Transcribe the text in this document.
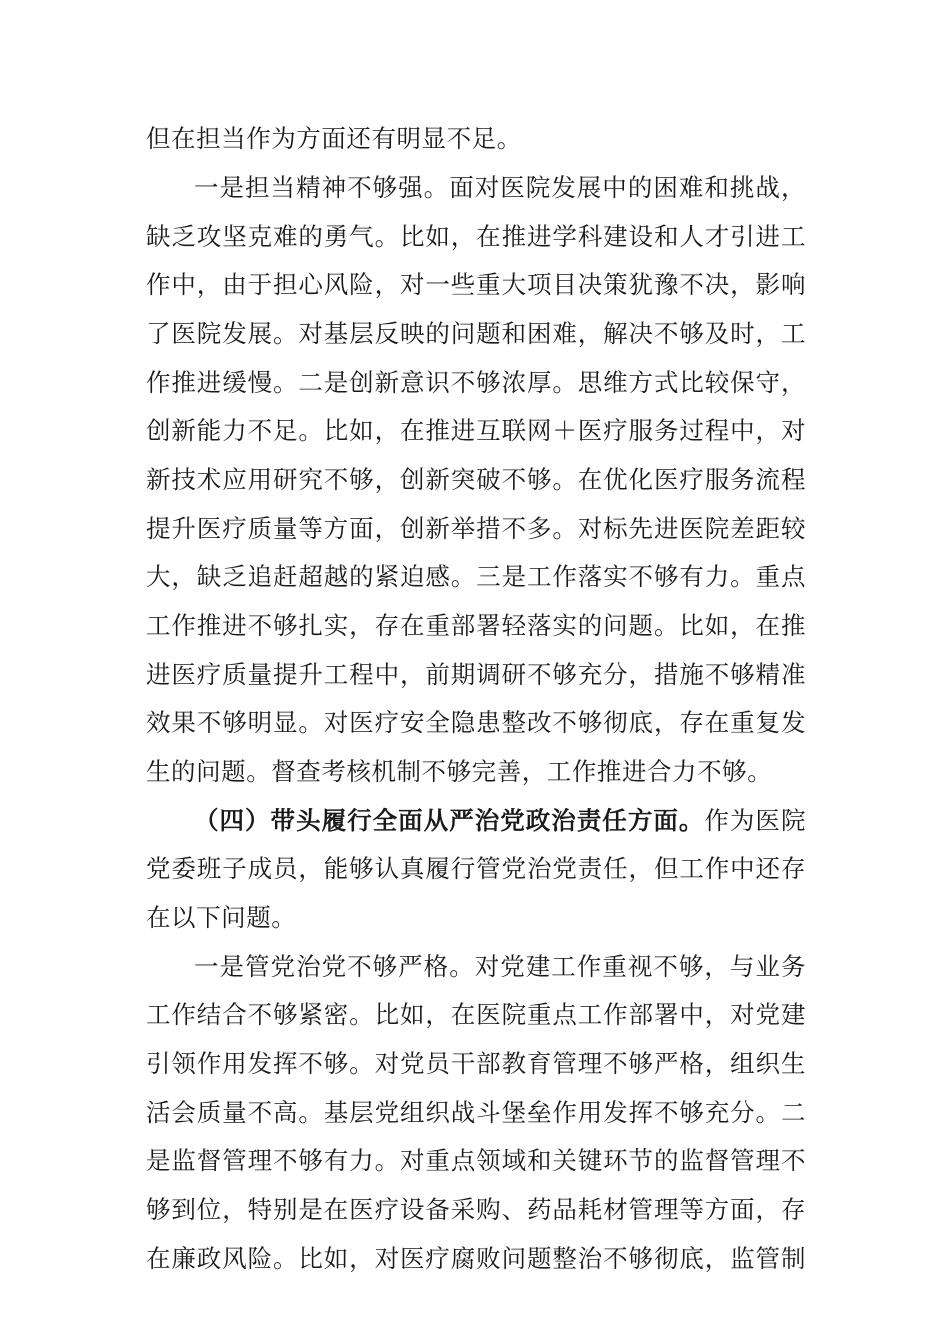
但在担当作为方面还有明显不足。
一是担当精神不够强。面对医院发展中的困难和挑战，
缺乏攻坚克难的勇气。比如，在推进学科建设和人才引进工
作中，由于担心风险，对一些重大项目决策犹豫不决，影响
了医院发展。对基层反映的问题和困难，解决不够及时，工
作推进缓慢。二是创新意识不够浓厚。思维方式比较保守，
创新能力不足。比如，在推进互联网＋医疗服务过程中，对
新技术应用研究不够，创新突破不够。在优化医疗服务流程
提升医疗质量等方面，创新举措不多。对标先进医院差距较
大，缺乏追赶超越的紧迫感。三是工作落实不够有力。重点
工作推进不够扎实，存在重部署轻落实的问题。比如，在推
进医疗质量提升工程中，前期调研不够充分，措施不够精准
效果不够明显。对医疗安全隐患整改不够彻底，存在重复发
生的问题。督查考核机制不够完善，工作推进合力不够。
（四）带头履行全面从严治党政治责任方面。作为医院
党委班子成员，能够认真履行管党治党责任，但工作中还存
在以下问题。
一是管党治党不够严格。对党建工作重视不够，与业务
工作结合不够紧密。比如，在医院重点工作部署中，对党建
引领作用发挥不够。对党员干部教育管理不够严格，组织生
活会质量不高。基层党组织战斗堡垒作用发挥不够充分。二
是监督管理不够有力。对重点领域和关键环节的监督管理不
够到位，特别是在医疗设备采购、药品耗材管理等方面，存
在廉政风险。比如，对医疗腐败问题整治不够彻底，监管制
